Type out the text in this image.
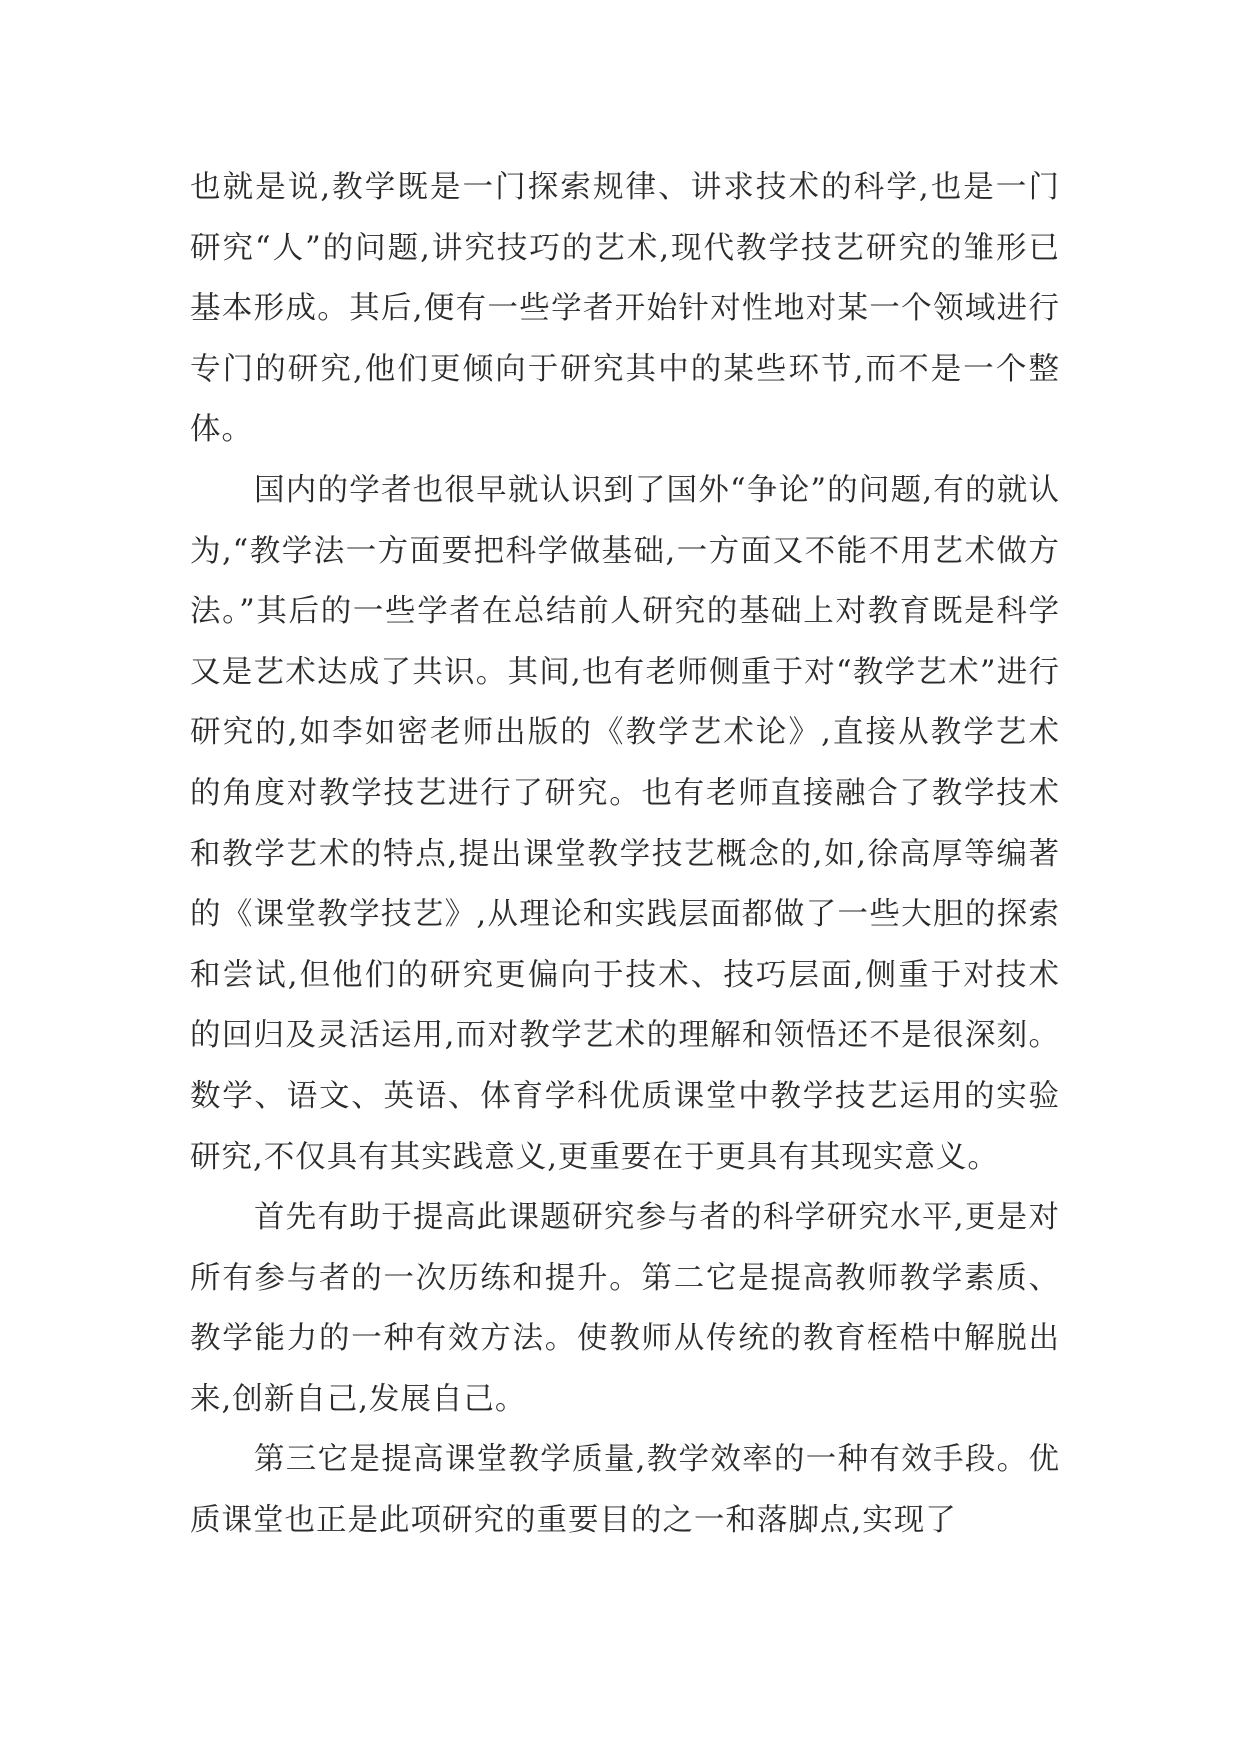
也就是说,教学既是一门探索规律、讲求技术的科学,也是一门研究“人”的问题,讲究技巧的艺术,现代教学技艺研究的雏形已基本形成。其后,便有一些学者开始针对性地对某一个领域进行专门的研究,他们更倾向于研究其中的某些环节,而不是一个整体。

国内的学者也很早就认识到了国外“争论”的问题,有的就认为,“教学法一方面要把科学做基础,一方面又不能不用艺术做方法。”其后的一些学者在总结前人研究的基础上对教育既是科学又是艺术达成了共识。其间,也有老师侧重于对“教学艺术”进行研究的,如李如密老师出版的《教学艺术论》,直接从教学艺术的角度对教学技艺进行了研究。也有老师直接融合了教学技术和教学艺术的特点,提出课堂教学技艺概念的,如,徐高厚等编著的《课堂教学技艺》,从理论和实践层面都做了一些大胆的探索和尝试,但他们的研究更偏向于技术、技巧层面,侧重于对技术的回归及灵活运用,而对教学艺术的理解和领悟还不是很深刻。数学、语文、英语、体育学科优质课堂中教学技艺运用的实验研究,不仅具有其实践意义,更重要在于更具有其现实意义。

首先有助于提高此课题研究参与者的科学研究水平,更是对所有参与者的一次历练和提升。第二它是提高教师教学素质、教学能力的一种有效方法。使教师从传统的教育桎梏中解脱出来,创新自己,发展自己。

第三它是提高课堂教学质量,教学效率的一种有效手段。优质课堂也正是此项研究的重要目的之一和落脚点,实现了
